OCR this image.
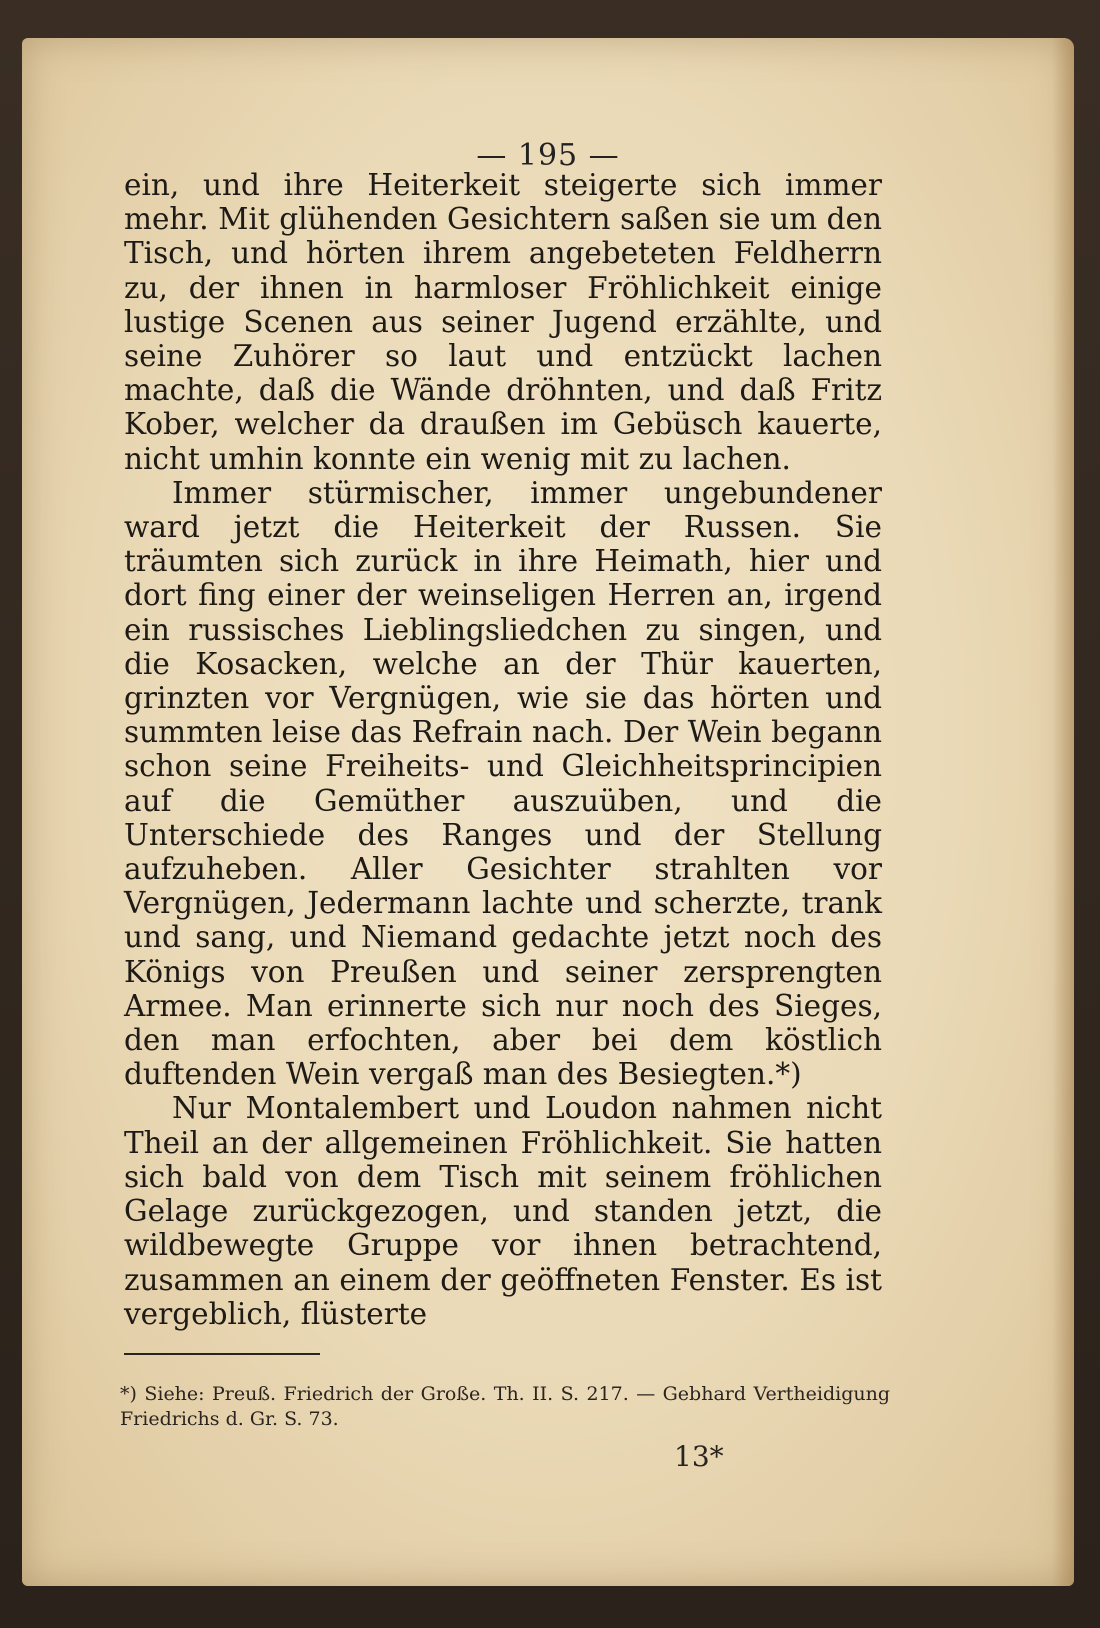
— 195 —

ein, und ihre Heiterkeit steigerte sich immer mehr. Mit glühenden Gesichtern saßen sie um den Tisch, und hörten ihrem angebeteten Feldherrn zu, der ihnen in harmloser Fröhlichkeit einige lustige Scenen aus seiner Jugend erzählte, und seine Zuhörer so laut und entzückt lachen machte, daß die Wände dröhnten, und daß Fritz Kober, welcher da draußen im Gebüsch kauerte, nicht umhin konnte ein wenig mit zu lachen.

Immer stürmischer, immer ungebundener ward jetzt die Heiterkeit der Russen. Sie träumten sich zurück in ihre Heimath, hier und dort fing einer der weinseligen Herren an, irgend ein russisches Lieblingsliedchen zu singen, und die Kosacken, welche an der Thür kauerten, grinzten vor Vergnügen, wie sie das hörten und summten leise das Refrain nach. Der Wein begann schon seine Freiheits- und Gleichheitsprincipien auf die Gemüther auszuüben, und die Unterschiede des Ranges und der Stellung aufzuheben. Aller Gesichter strahlten vor Vergnügen, Jedermann lachte und scherzte, trank und sang, und Niemand gedachte jetzt noch des Königs von Preußen und seiner zersprengten Armee. Man erinnerte sich nur noch des Sieges, den man erfochten, aber bei dem köstlich duftenden Wein vergaß man des Besiegten.*)

Nur Montalembert und Loudon nahmen nicht Theil an der allgemeinen Fröhlichkeit. Sie hatten sich bald von dem Tisch mit seinem fröhlichen Gelage zurückgezogen, und standen jetzt, die wildbewegte Gruppe vor ihnen betrachtend, zusammen an einem der geöffneten Fenster. Es ist vergeblich, flüsterte

*) Siehe: Preuß. Friedrich der Große. Th. II. S. 217. — Gebhard Vertheidigung Friedrichs d. Gr. S. 73.
13*
